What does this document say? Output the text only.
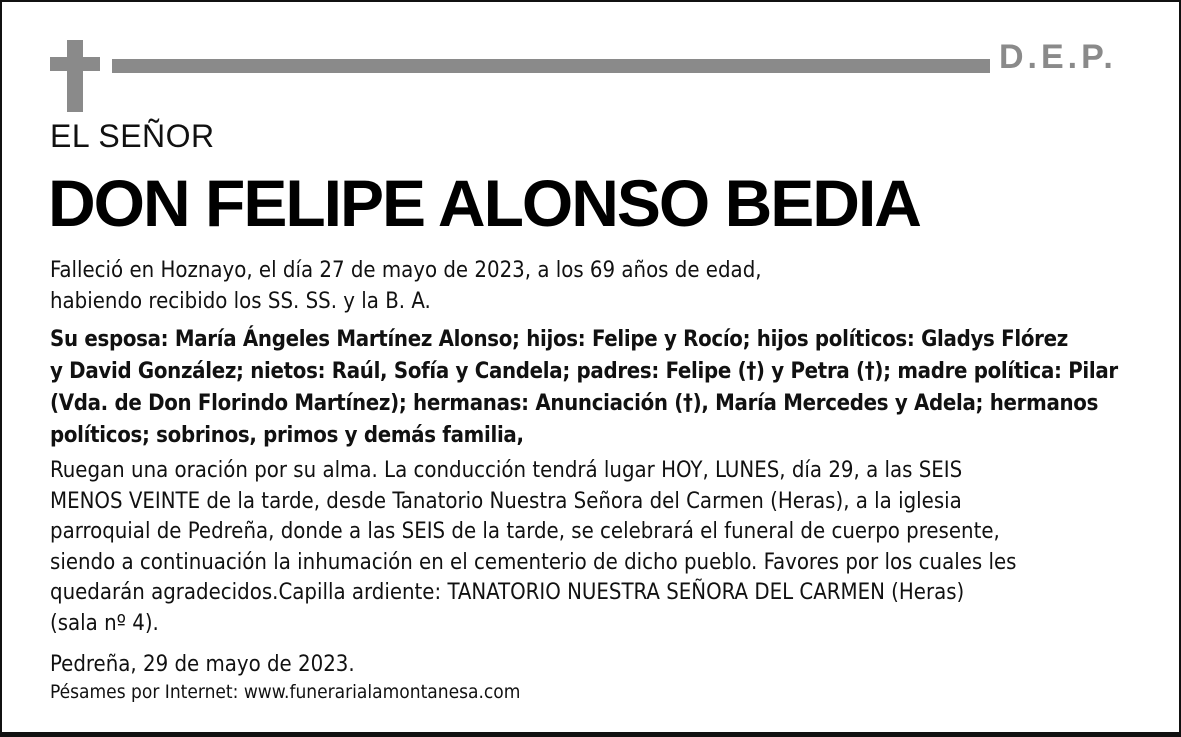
D.E.P.
EL SEÑOR
DON FELIPE ALONSO BEDIA
Falleció en Hoznayo, el día 27 de mayo de 2023, a los 69 años de edad,
habiendo recibido los SS. SS. y la B. A.
Su esposa: María Ángeles Martínez Alonso; hijos: Felipe y Rocío; hijos políticos: Gladys Flórez
y David González; nietos: Raúl, Sofía y Candela; padres: Felipe (†) y Petra (†); madre política: Pilar
(Vda. de Don Florindo Martínez); hermanas: Anunciación (†), María Mercedes y Adela; hermanos
políticos; sobrinos, primos y demás familia,
Ruegan una oración por su alma. La conducción tendrá lugar HOY, LUNES, día 29, a las SEIS
MENOS VEINTE de la tarde, desde Tanatorio Nuestra Señora del Carmen (Heras), a la iglesia
parroquial de Pedreña, donde a las SEIS de la tarde, se celebrará el funeral de cuerpo presente,
siendo a continuación la inhumación en el cementerio de dicho pueblo. Favores por los cuales les
quedarán agradecidos.Capilla ardiente: TANATORIO NUESTRA SEÑORA DEL CARMEN (Heras)
(sala nº 4).
Pedreña, 29 de mayo de 2023.
Pésames por Internet: www.funerarialamontanesa.com
